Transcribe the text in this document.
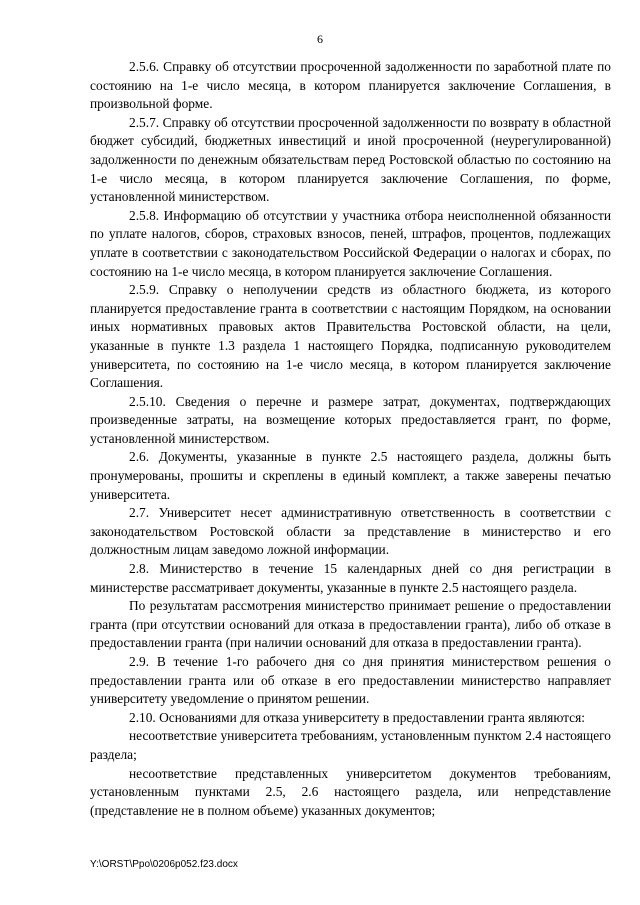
6

2.5.6. Справку об отсутствии просроченной задолженности по заработной плате по состоянию на 1-е число месяца, в котором планируется заключение Соглашения, в произвольной форме.

2.5.7. Справку об отсутствии просроченной задолженности по возврату в областной бюджет субсидий, бюджетных инвестиций и иной просроченной (неурегулированной) задолженности по денежным обязательствам перед Ростовской областью по состоянию на 1-е число месяца, в котором планируется заключение Соглашения, по форме, установленной министерством.

2.5.8. Информацию об отсутствии у участника отбора неисполненной обязанности по уплате налогов, сборов, страховых взносов, пеней, штрафов, процентов, подлежащих уплате в соответствии с законодательством Российской Федерации о налогах и сборах, по состоянию на 1-е число месяца, в котором планируется заключение Соглашения.

2.5.9. Справку о неполучении средств из областного бюджета, из которого планируется предоставление гранта в соответствии с настоящим Порядком, на основании иных нормативных правовых актов Правительства Ростовской области, на цели, указанные в пункте 1.3 раздела 1 настоящего Порядка, подписанную руководителем университета, по состоянию на 1-е число месяца, в котором планируется заключение Соглашения.

2.5.10. Сведения о перечне и размере затрат, документах, подтверждающих произведенные затраты, на возмещение которых предоставляется грант, по форме, установленной министерством.

2.6. Документы, указанные в пункте 2.5 настоящего раздела, должны быть пронумерованы, прошиты и скреплены в единый комплект, а также заверены печатью университета.

2.7. Университет несет административную ответственность в соответствии с законодательством Ростовской области за представление в министерство и его должностным лицам заведомо ложной информации.

2.8. Министерство в течение 15 календарных дней со дня регистрации в министерстве рассматривает документы, указанные в пункте 2.5 настоящего раздела.

По результатам рассмотрения министерство принимает решение о предоставлении гранта (при отсутствии оснований для отказа в предоставлении гранта), либо об отказе в предоставлении гранта (при наличии оснований для отказа в предоставлении гранта).

2.9. В течение 1-го рабочего дня со дня принятия министерством решения о предоставлении гранта или об отказе в его предоставлении министерство направляет университету уведомление о принятом решении.

2.10. Основаниями для отказа университету в предоставлении гранта являются:

несоответствие университета требованиям, установленным пунктом 2.4 настоящего раздела;

несоответствие представленных университетом документов требованиям, установленным пунктами 2.5, 2.6 настоящего раздела, или непредставление (представление не в полном объеме) указанных документов;

Y:\ORST\Ppo\0206p052.f23.docx
